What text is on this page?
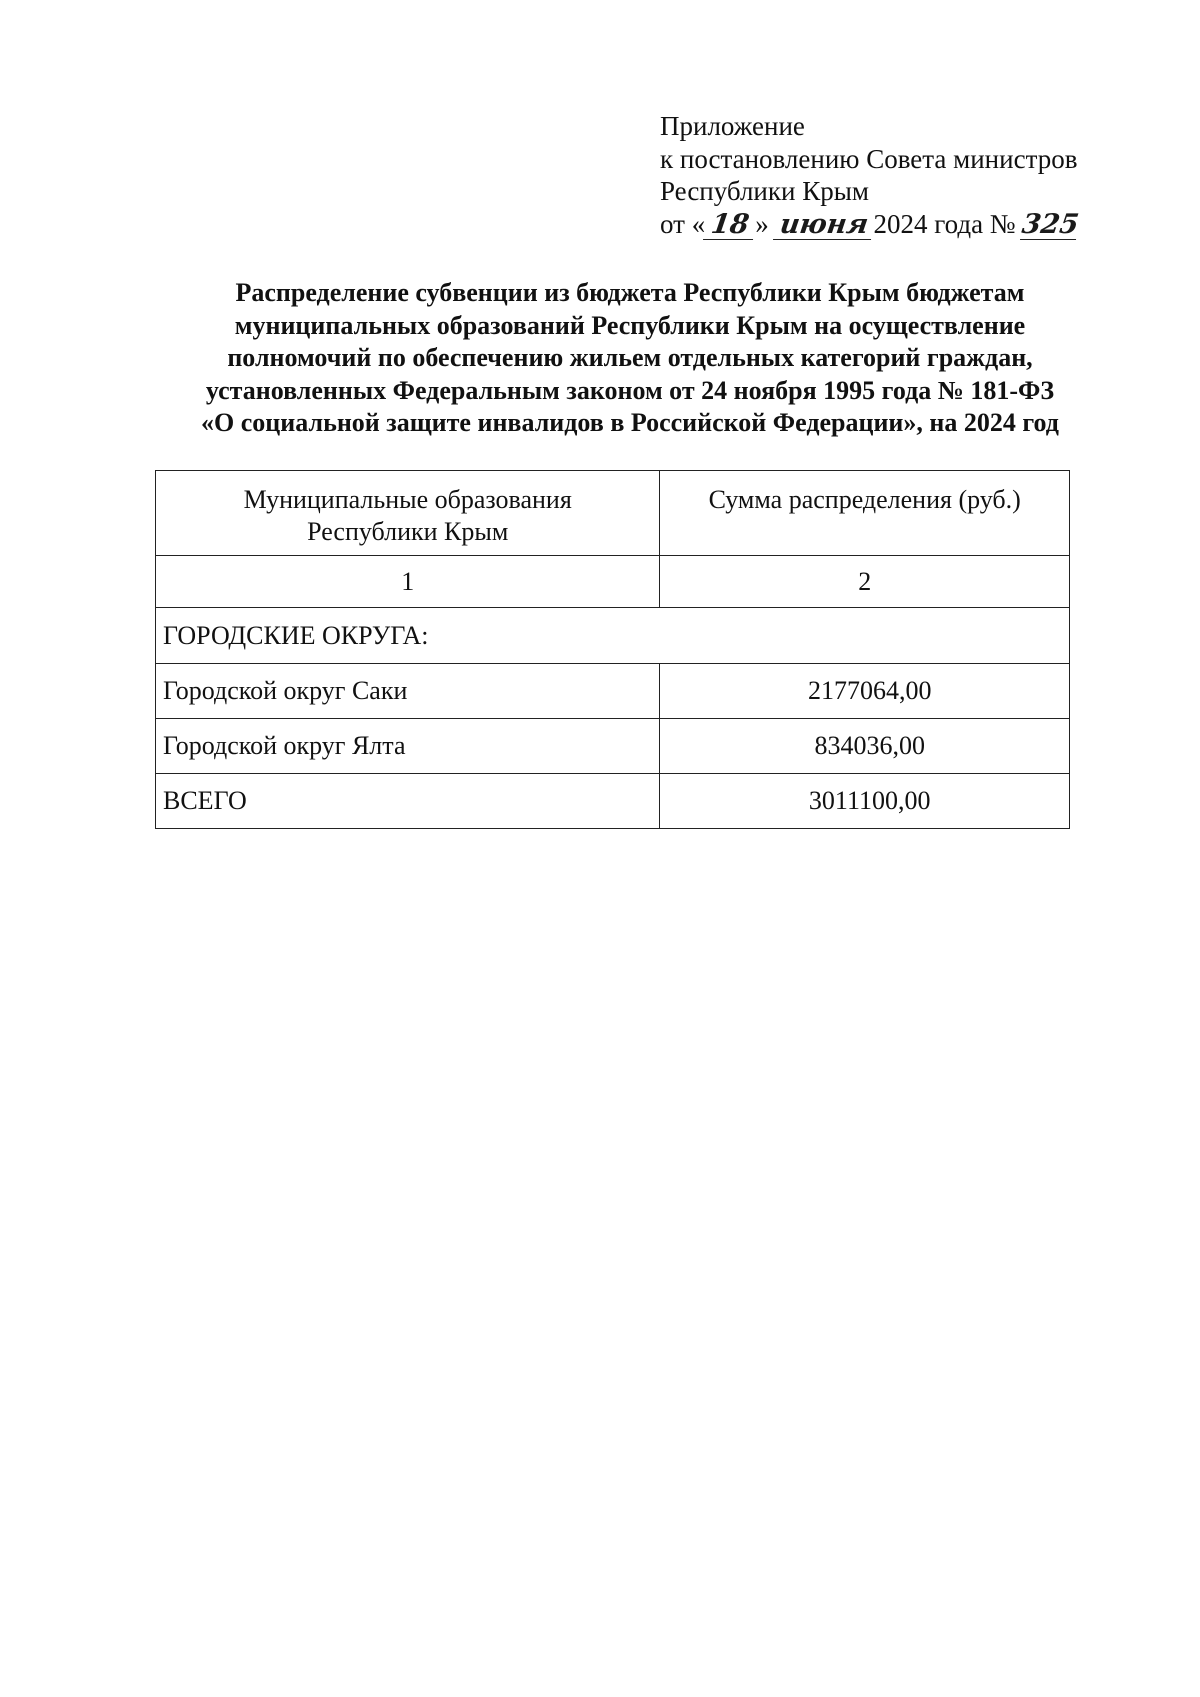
Приложение
к постановлению Совета министров
Республики Крым
от « 18 » июня 2024 года № 325
Распределение субвенции из бюджета Республики Крым бюджетам
муниципальных образований Республики Крым на осуществление
полномочий по обеспечению жильем отдельных категорий граждан,
установленных Федеральным законом от 24 ноября 1995 года № 181-ФЗ
«О социальной защите инвалидов в Российской Федерации», на 2024 год
Муниципальные образования
Республики Крым	Сумма распределения (руб.)
1	2
ГОРОДСКИЕ ОКРУГА:	
Городской округ Саки	2177064,00
Городской округ Ялта	834036,00
ВСЕГО	3011100,00
